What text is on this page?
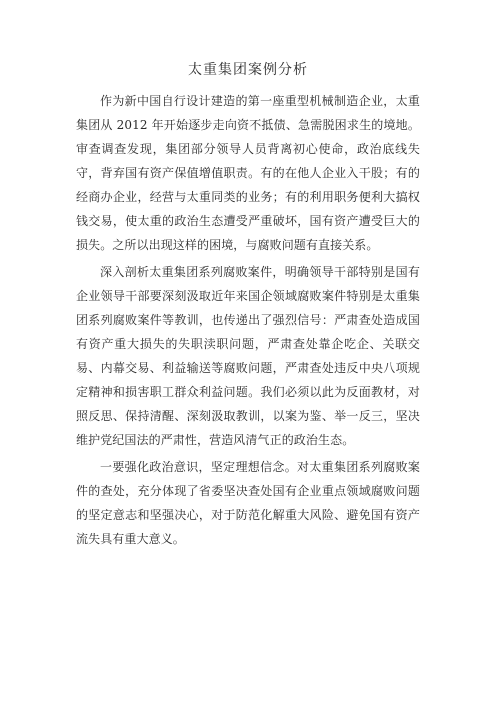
太重集团案例分析

作为新中国自行设计建造的第一座重型机械制造企业，太重集团从 2012 年开始逐步走向资不抵债、急需脱困求生的境地。审查调查发现，集团部分领导人员背离初心使命，政治底线失守，背弃国有资产保值增值职责。有的在他人企业入干股；有的经商办企业，经营与太重同类的业务；有的利用职务便利大搞权钱交易，使太重的政治生态遭受严重破坏，国有资产遭受巨大的损失。之所以出现这样的困境，与腐败问题有直接关系。

深入剖析太重集团系列腐败案件，明确领导干部特别是国有企业领导干部要深刻汲取近年来国企领域腐败案件特别是太重集团系列腐败案件等教训，也传递出了强烈信号：严肃查处造成国有资产重大损失的失职渎职问题，严肃查处靠企吃企、关联交易、内幕交易、利益输送等腐败问题，严肃查处违反中央八项规定精神和损害职工群众利益问题。我们必须以此为反面教材，对照反思、保持清醒、深刻汲取教训，以案为鉴、举一反三，坚决维护党纪国法的严肃性，营造风清气正的政治生态。

一要强化政治意识，坚定理想信念。对太重集团系列腐败案件的查处，充分体现了省委坚决查处国有企业重点领域腐败问题的坚定意志和坚强决心，对于防范化解重大风险、避免国有资产流失具有重大意义。
